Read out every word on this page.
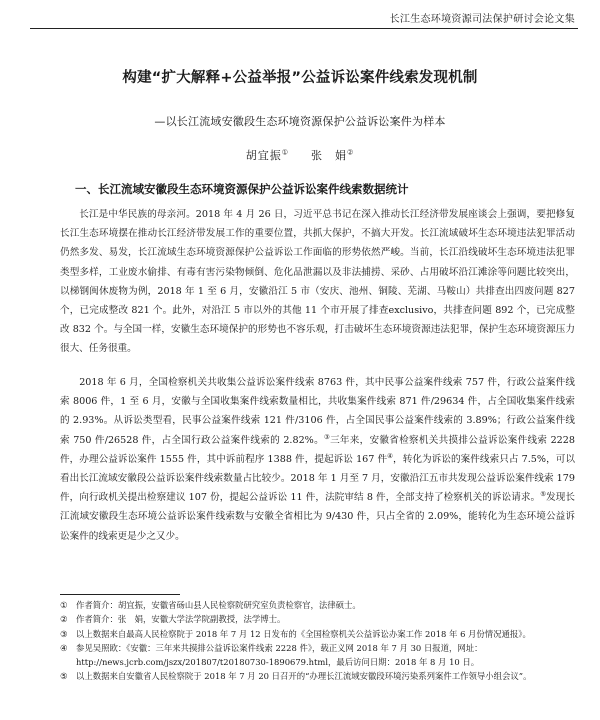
长江生态环境资源司法保护研讨会论文集
构建“扩大解释+公益举报”公益诉讼案件线索发现机制
—以长江流域安徽段生态环境资源保护公益诉讼案件为样本
胡宜振① 张　娟②
一、长江流域安徽段生态环境资源保护公益诉讼案件线索数据统计

长江是中华民族的母亲河。2018 年 4 月 26 日，习近平总书记在深入推动长江经济带发展座谈会上强调，要把修复长江生态环境摆在推动长江经济带发展工作的重要位置，共抓大保护，不搞大开发。长江流域破坏生态环境违法犯罪活动仍然多发、易发，长江流域生态环境资源保护公益诉讼工作面临的形势依然严峻。当前，长江沿线破坏生态环境违法犯罪类型多样，工业废水偷排、有毒有害污染物倾倒、危化品泄漏以及非法捕捞、采砂、占用破坏沿江滩涂等问题比较突出，以梯钢闽休废物为例，2018 年 1 至 6 月，安徽沿江 5 市（安庆、池州、铜陵、芜湖、马鞍山）共排查出四废问题 827 个，已完成整改 821 个。此外，对沿江 5 市以外的其他 11 个市开展了排查exclusivo，共排查问题 892 个，已完成整改 832 个。与全国一样，安徽生态环境保护的形势也不容乐观，打击破坏生态环境资源违法犯罪，保护生态环境资源压力很大、任务很重。

2018 年 6 月，全国检察机关共收集公益诉讼案件线索 8763 件，其中民事公益案件线索 757 件，行政公益案件线索 8006 件，1 至 6 月，安徽与全国收集案件线索数量相比，共收集案件线索 871 件/29634 件，占全国收集案件线索的 2.93%。从诉讼类型看，民事公益案件线索 121 件/3106 件，占全国民事公益案件线索的 3.89%；行政公益案件线索 750 件/26528 件，占全国行政公益案件线索的 2.82%。③三年来，安徽省检察机关共摸排公益诉讼案件线索 2228 件，办理公益诉讼案件 1555 件，其中诉前程序 1388 件，提起诉讼 167 件④，转化为诉讼的案件线索只占 7.5%，可以看出长江流域安徽段公益诉讼案件线索数量占比较少。2018 年 1 月至 7 月，安徽沿江五市共发现公益诉讼案件线索 179 件，向行政机关提出检察建议 107 份，提起公益诉讼 11 件，法院审结 8 件，全部支持了检察机关的诉讼请求。⑤发现长江流域安徽段生态环境公益诉讼案件线索数与安徽全省相比为 9/430 件，只占全省的 2.09%，能转化为生态环境公益诉讼案件的线索更是少之又少。

① 作者简介：胡宜振，安徽省砀山县人民检察院研究室负责检察官，法律硕士。
② 作者简介：张　娟，安徽大学法学院副教授，法学博士。
③ 以上数据来自最高人民检察院于 2018 年 7 月 12 日发布的《全国检察机关公益诉讼办案工作 2018 年 6 月份情况通报》。
④ 参见吴照欧：《安徽：三年来共摸排公益诉讼案件线索 2228 件》，载正义网 2018 年 7 月 30 日报道，网址：http://news.jcrb.com/jszx/201807/t20180730-1890679.html，最后访问日期：2018 年 8 月 10 日。
⑤ 以上数据来自安徽省人民检察院于 2018 年 7 月 20 日召开的“办理长江流域安徽段环境污染系列案件工作领导小组会议”。
